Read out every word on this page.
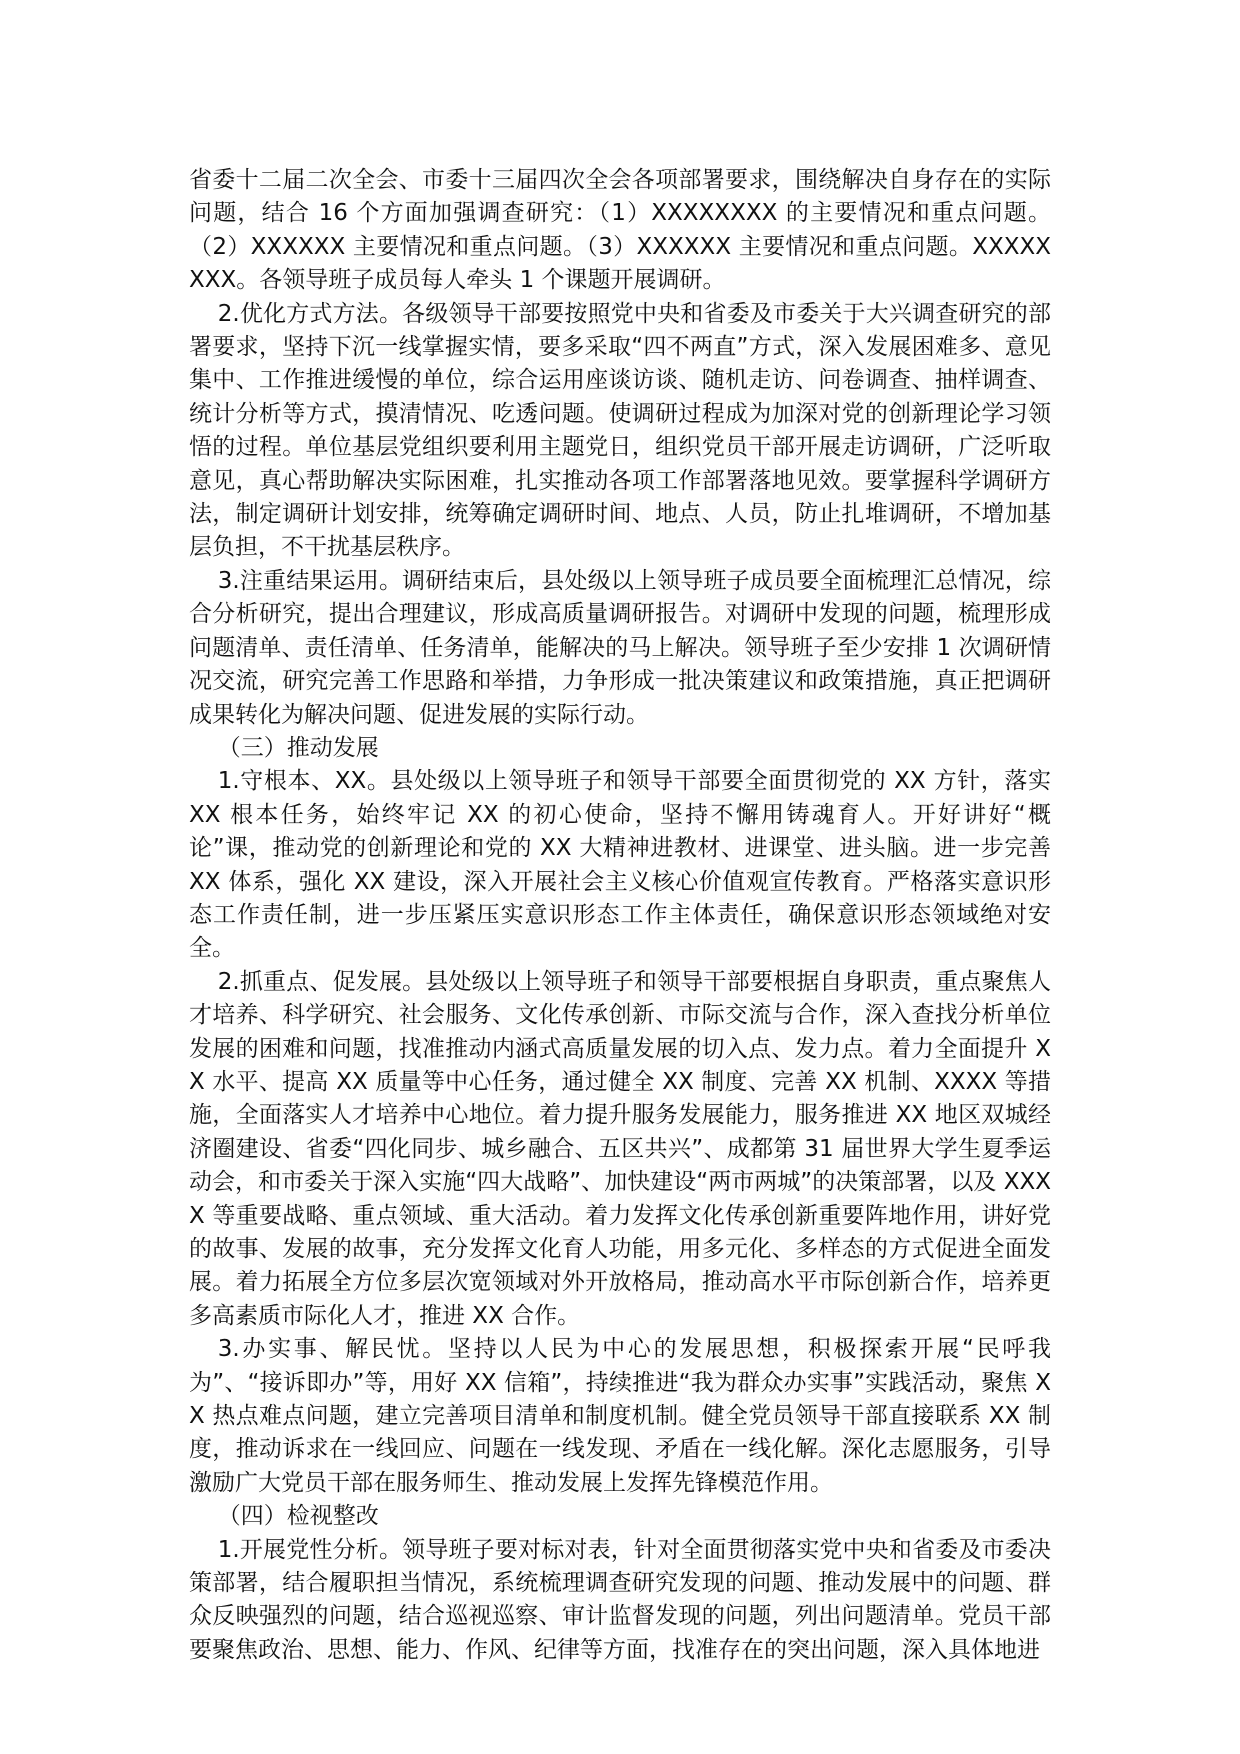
省委十二届二次全会、市委十三届四次全会各项部署要求，围绕解决自身存在的实际问题，结合 16 个方面加强调查研究：（1）XXXXXXXX 的主要情况和重点问题。（2）XXXXXX 主要情况和重点问题。（3）XXXXXX 主要情况和重点问题。XXXXXXXX。各领导班子成员每人牵头 1 个课题开展调研。

2.优化方式方法。各级领导干部要按照党中央和省委及市委关于大兴调查研究的部署要求，坚持下沉一线掌握实情，要多采取“四不两直”方式，深入发展困难多、意见集中、工作推进缓慢的单位，综合运用座谈访谈、随机走访、问卷调查、抽样调查、统计分析等方式，摸清情况、吃透问题。使调研过程成为加深对党的创新理论学习领悟的过程。单位基层党组织要利用主题党日，组织党员干部开展走访调研，广泛听取意见，真心帮助解决实际困难，扎实推动各项工作部署落地见效。要掌握科学调研方法，制定调研计划安排，统筹确定调研时间、地点、人员，防止扎堆调研，不增加基层负担，不干扰基层秩序。

3.注重结果运用。调研结束后，县处级以上领导班子成员要全面梳理汇总情况，综合分析研究，提出合理建议，形成高质量调研报告。对调研中发现的问题，梳理形成问题清单、责任清单、任务清单，能解决的马上解决。领导班子至少安排 1 次调研情况交流，研究完善工作思路和举措，力争形成一批决策建议和政策措施，真正把调研成果转化为解决问题、促进发展的实际行动。

（三）推动发展

1.守根本、XX。县处级以上领导班子和领导干部要全面贯彻党的 XX 方针，落实 XX 根本任务，始终牢记 XX 的初心使命，坚持不懈用铸魂育人。开好讲好“概论”课，推动党的创新理论和党的 XX 大精神进教材、进课堂、进头脑。进一步完善 XX 体系，强化 XX 建设，深入开展社会主义核心价值观宣传教育。严格落实意识形态工作责任制，进一步压紧压实意识形态工作主体责任，确保意识形态领域绝对安全。

2.抓重点、促发展。县处级以上领导班子和领导干部要根据自身职责，重点聚焦人才培养、科学研究、社会服务、文化传承创新、市际交流与合作，深入查找分析单位发展的困难和问题，找准推动内涵式高质量发展的切入点、发力点。着力全面提升 XX 水平、提高 XX 质量等中心任务，通过健全 XX 制度、完善 XX 机制、XXXX 等措施，全面落实人才培养中心地位。着力提升服务发展能力，服务推进 XX 地区双城经济圈建设、省委“四化同步、城乡融合、五区共兴”、成都第 31 届世界大学生夏季运动会，和市委关于深入实施“四大战略”、加快建设“两市两城”的决策部署，以及 XXXX 等重要战略、重点领域、重大活动。着力发挥文化传承创新重要阵地作用，讲好党的故事、发展的故事，充分发挥文化育人功能，用多元化、多样态的方式促进全面发展。着力拓展全方位多层次宽领域对外开放格局，推动高水平市际创新合作，培养更多高素质市际化人才，推进 XX 合作。

3.办实事、解民忧。坚持以人民为中心的发展思想，积极探索开展“民呼我为”、“接诉即办”等，用好 XX 信箱”，持续推进“我为群众办实事”实践活动，聚焦 XX 热点难点问题，建立完善项目清单和制度机制。健全党员领导干部直接联系 XX 制度，推动诉求在一线回应、问题在一线发现、矛盾在一线化解。深化志愿服务，引导激励广大党员干部在服务师生、推动发展上发挥先锋模范作用。

（四）检视整改

1.开展党性分析。领导班子要对标对表，针对全面贯彻落实党中央和省委及市委决策部署，结合履职担当情况，系统梳理调查研究发现的问题、推动发展中的问题、群众反映强烈的问题，结合巡视巡察、审计监督发现的问题，列出问题清单。党员干部要聚焦政治、思想、能力、作风、纪律等方面，找准存在的突出问题，深入具体地进
